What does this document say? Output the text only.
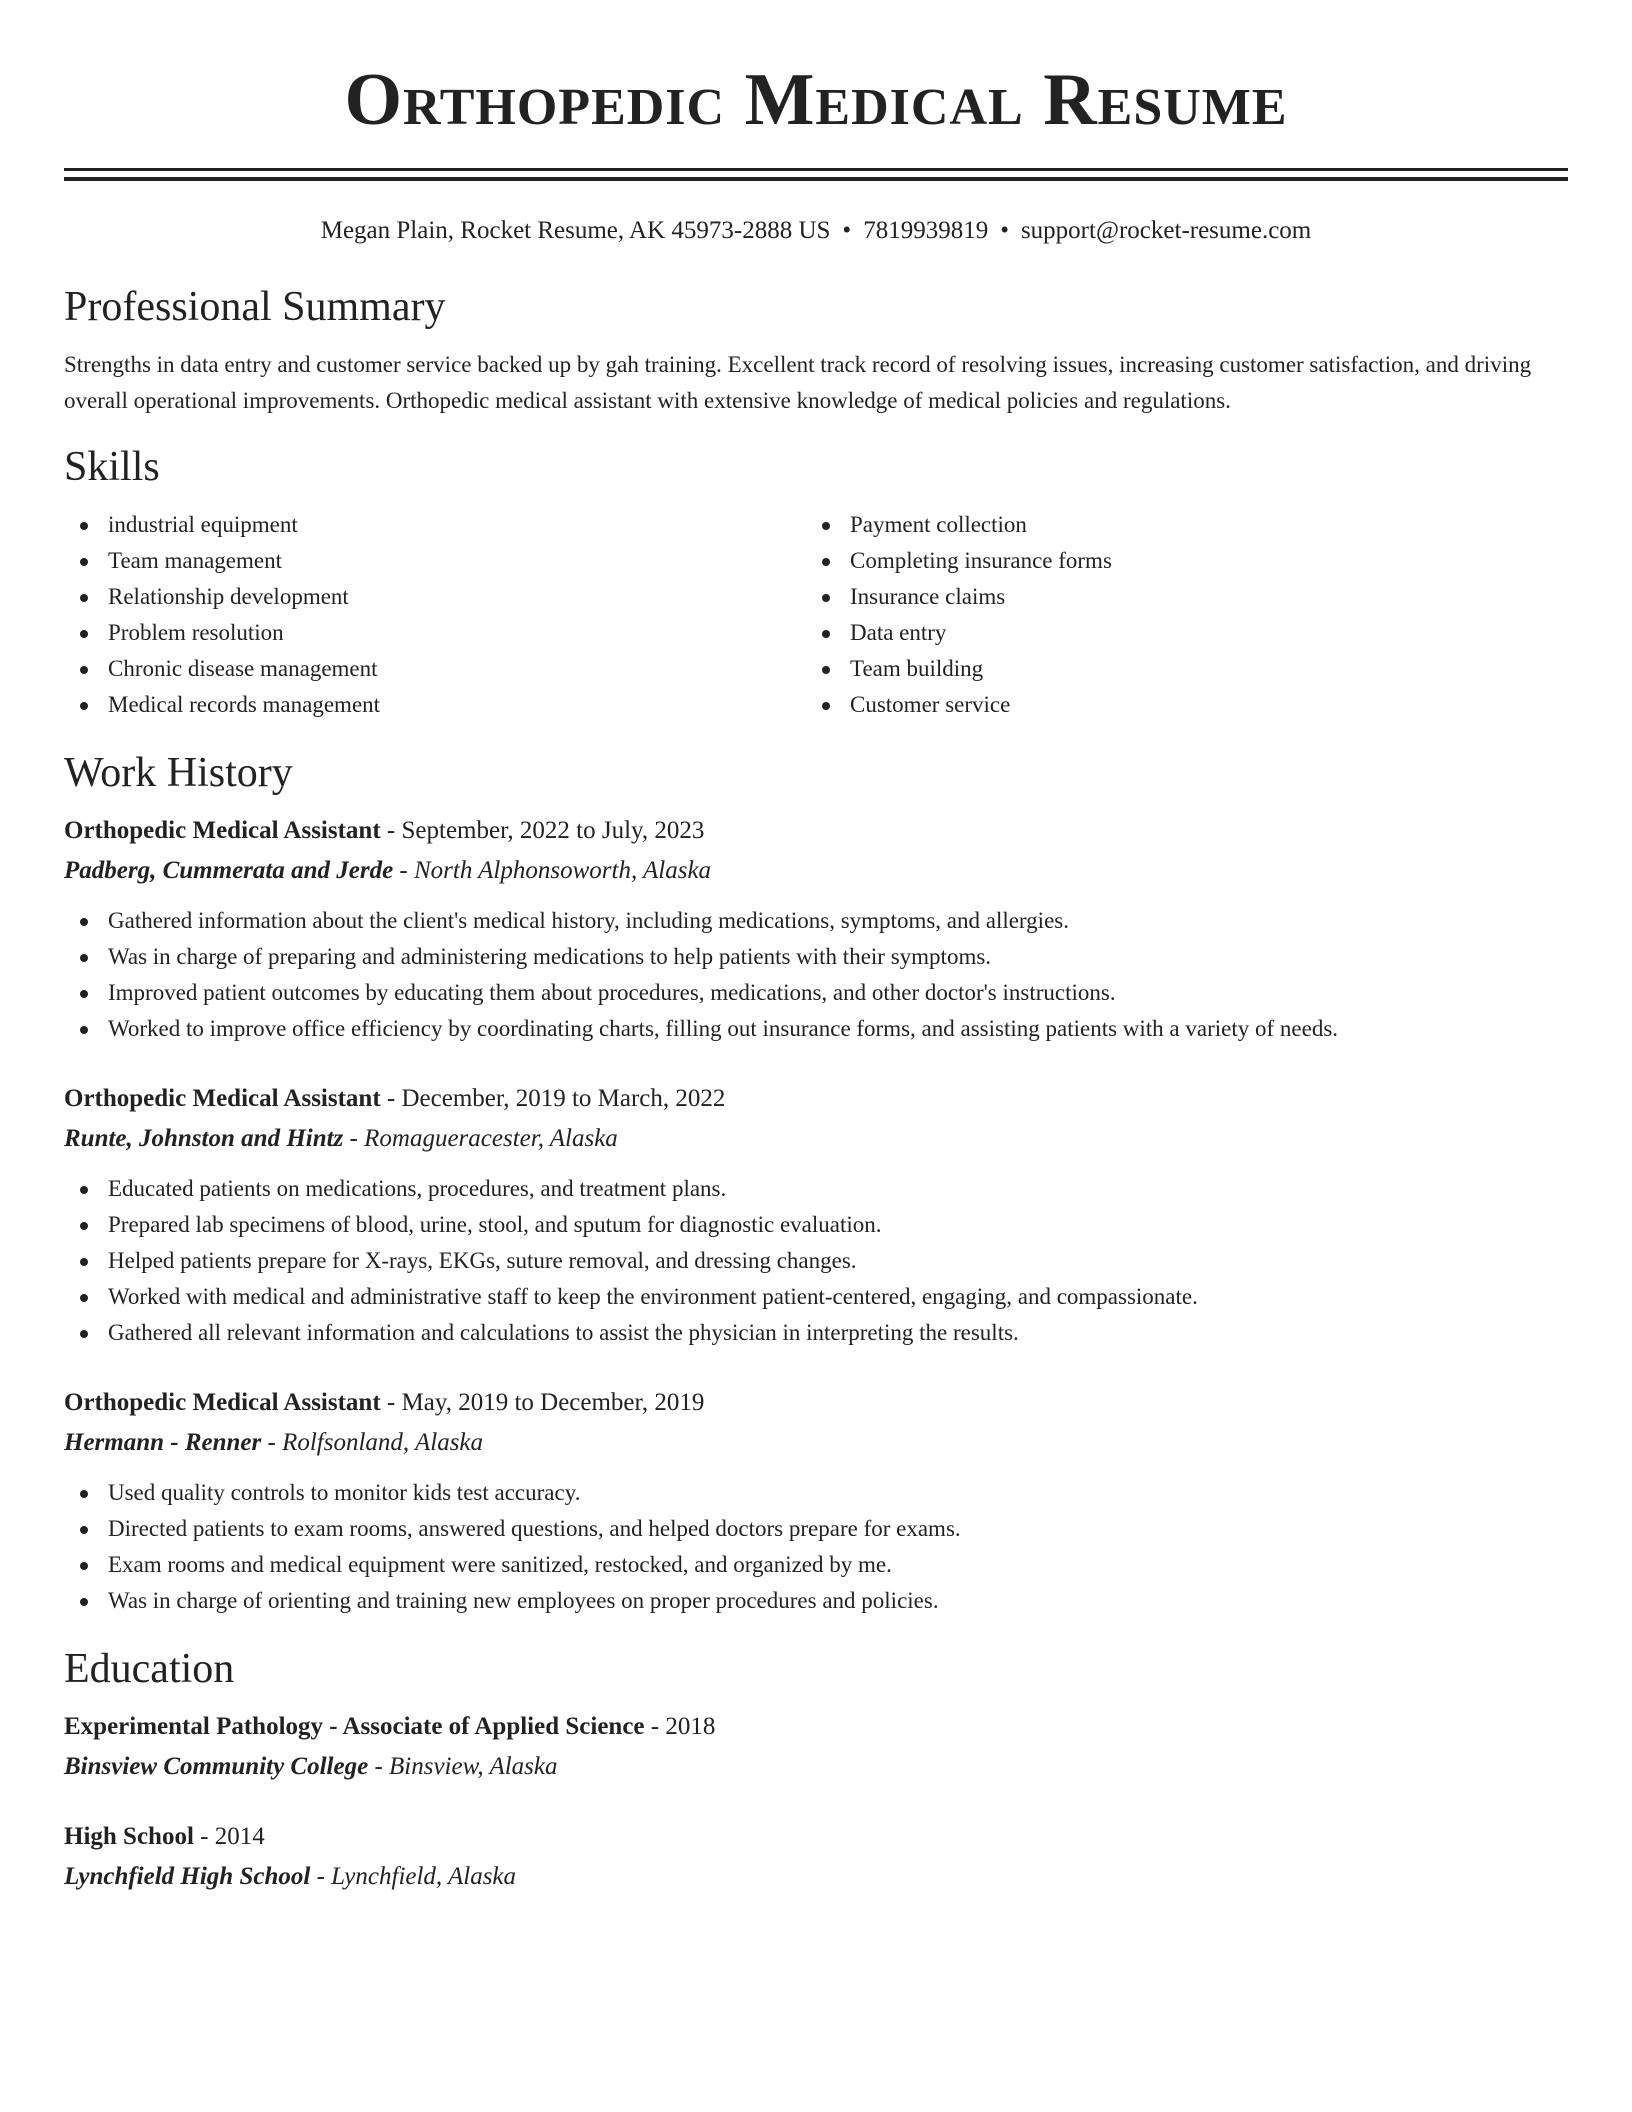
Orthopedic Medical Resume
Megan Plain, Rocket Resume, AK 45973-2888 US • 7819939819 • support@rocket-resume.com
Professional Summary

Strengths in data entry and customer service backed up by gah training. Excellent track record of resolving issues, increasing customer satisfaction, and driving overall operational improvements. Orthopedic medical assistant with extensive knowledge of medical policies and regulations.

Skills
industrial equipment
Team management
Relationship development
Problem resolution
Chronic disease management
Medical records management
Payment collection
Completing insurance forms
Insurance claims
Data entry
Team building
Customer service
Work History
Orthopedic Medical Assistant - September, 2022 to July, 2023
Padberg, Cummerata and Jerde - North Alphonsoworth, Alaska
Gathered information about the client's medical history, including medications, symptoms, and allergies.
Was in charge of preparing and administering medications to help patients with their symptoms.
Improved patient outcomes by educating them about procedures, medications, and other doctor's instructions.
Worked to improve office efficiency by coordinating charts, filling out insurance forms, and assisting patients with a variety of needs.
Orthopedic Medical Assistant - December, 2019 to March, 2022
Runte, Johnston and Hintz - Romagueracester, Alaska
Educated patients on medications, procedures, and treatment plans.
Prepared lab specimens of blood, urine, stool, and sputum for diagnostic evaluation.
Helped patients prepare for X-rays, EKGs, suture removal, and dressing changes.
Worked with medical and administrative staff to keep the environment patient-centered, engaging, and compassionate.
Gathered all relevant information and calculations to assist the physician in interpreting the results.
Orthopedic Medical Assistant - May, 2019 to December, 2019
Hermann - Renner - Rolfsonland, Alaska
Used quality controls to monitor kids test accuracy.
Directed patients to exam rooms, answered questions, and helped doctors prepare for exams.
Exam rooms and medical equipment were sanitized, restocked, and organized by me.
Was in charge of orienting and training new employees on proper procedures and policies.
Education
Experimental Pathology - Associate of Applied Science - 2018
Binsview Community College - Binsview, Alaska
High School - 2014
Lynchfield High School - Lynchfield, Alaska
